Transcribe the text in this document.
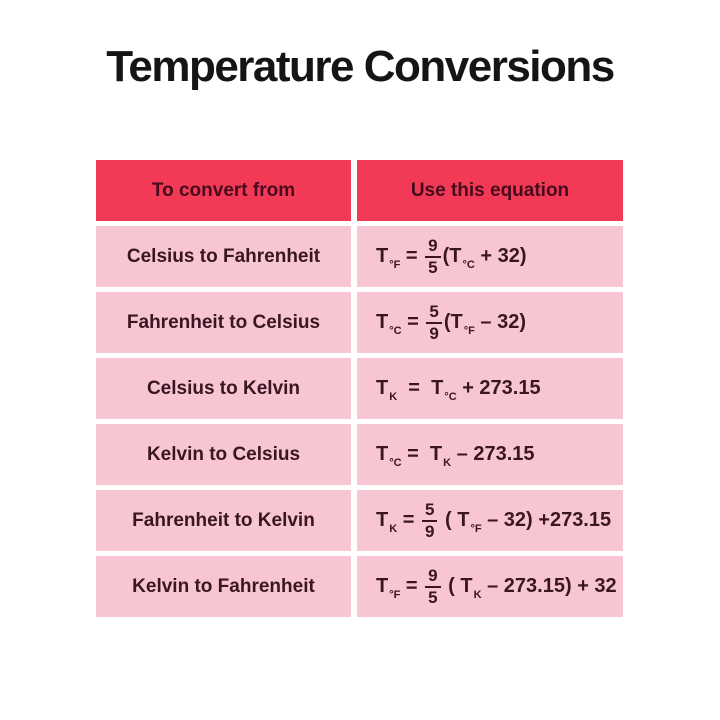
Temperature Conversions
To convert from	Use this equation
Celsius to Fahrenheit	$T_{^\circ F} = \frac{9}{5}$ ( $T_{^\circ C} + 32$)
Fahrenheit to Celsius	$T_{^\circ C} = \frac{5}{9}$ ( $T_{^\circ F} - 32$)
Celsius to Kelvin	$T_K = T_{^\circ C} + 273.15$
Kelvin to Celsius	$T_{^\circ C} = T_K - 273.15$
Fahrenheit to Kelvin	$T_K = \frac{5}{9}$ ( $T_{^\circ F} - 32) +273.15$
Kelvin to Fahrenheit	$T_{^\circ F} = \frac{9}{5}$ ( $T_K - 273.15) + 32$
